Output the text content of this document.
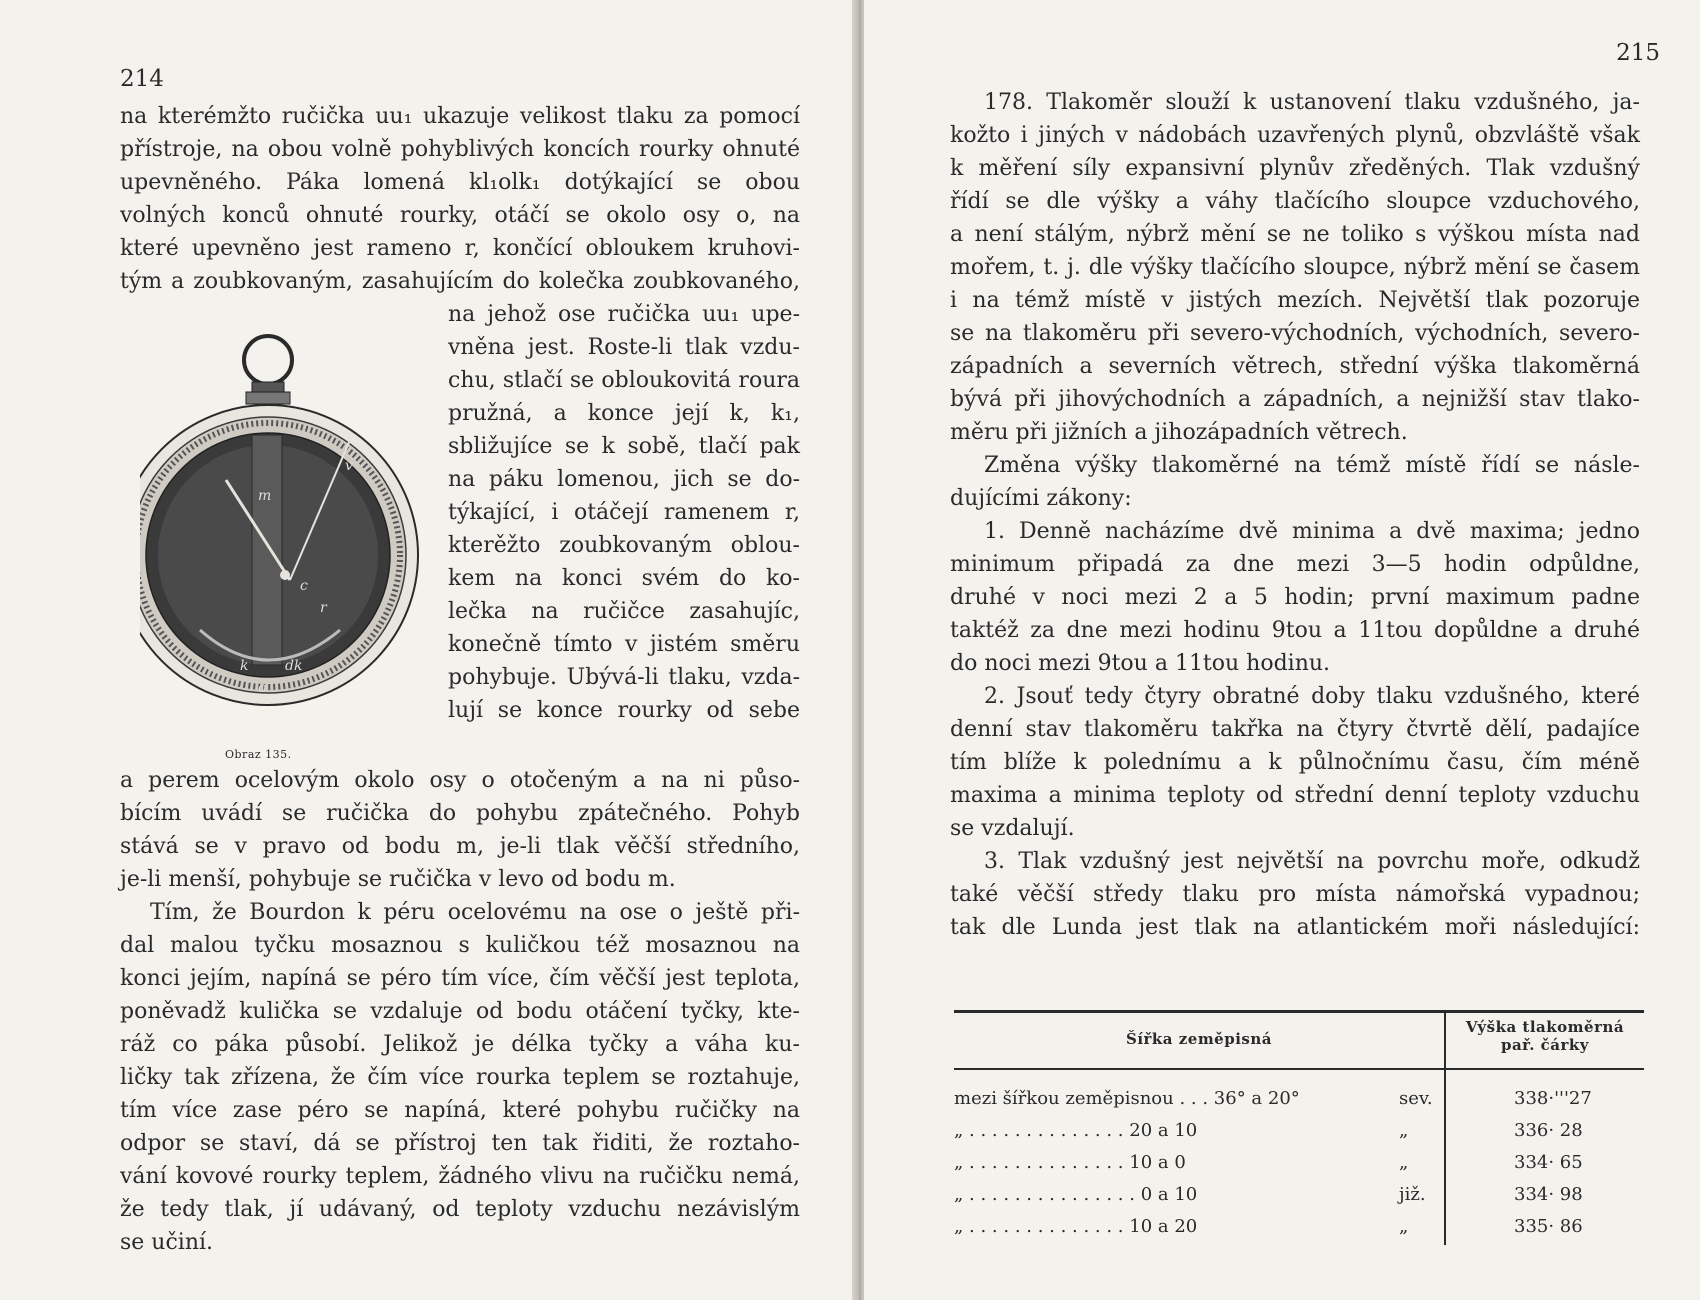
214
na kterémžto ručička uu₁ ukazuje velikost tlaku za pomocí
přístroje, na obou volně pohyblivých koncích rourky ohnuté
upevněného. Páka lomená kl₁olk₁ dotýkající se obou
volných konců ohnuté rourky, otáčí se okolo osy o, na
které upevněno jest rameno r, končící obloukem kruhovi-
tým a zoubkovaným, zasahujícím do kolečka zoubkovaného,
na jehož ose ručička uu₁ upe-
vněna jest. Roste-li tlak vzdu-
chu, stlačí se obloukovitá roura
pružná, a konce její k, k₁,
sbližujíce se k sobě, tlačí pak
na páku lomenou, jich se do-
týkající, i otáčejí ramenem r,
kterěžto zoubkovaným oblou-
kem na konci svém do ko-
lečka na ručičce zasahujíc,
konečně tímto v jistém směru
pohybuje. Ubývá-li tlaku, vzda-
lují se konce rourky od sebe
m
v
c
r
k	dk
o
Obraz 135.
a perem ocelovým okolo osy o otočeným a na ni půso-
bícím uvádí se ručička do pohybu zpátečného. Pohyb
stává se v pravo od bodu m, je-li tlak věčší středního,
je-li menší, pohybuje se ručička v levo od bodu m.
Tím, že Bourdon k péru ocelovému na ose o ještě při-
dal malou tyčku mosaznou s kuličkou též mosaznou na
konci jejím, napíná se péro tím více, čím věčší jest teplota,
poněvadž kulička se vzdaluje od bodu otáčení tyčky, kte-
ráž co páka působí. Jelikož je délka tyčky a váha ku-
ličky tak zřízena, že čím více rourka teplem se roztahuje,
tím více zase péro se napíná, které pohybu ručičky na
odpor se staví, dá se přístroj ten tak řiditi, že roztaho-
vání kovové rourky teplem, žádného vlivu na ručičku nemá,
že tedy tlak, jí udávaný, od teploty vzduchu nezávislým
se učiní.
215
178. Tlakoměr slouží k ustanovení tlaku vzdušného, ja-
kožto i jiných v nádobách uzavřených plynů, obzvláště však
k měření síly expansivní plynův zředěných. Tlak vzdušný
řídí se dle výšky a váhy tlačícího sloupce vzduchového,
a není stálým, nýbrž mění se ne toliko s výškou místa nad
mořem, t. j. dle výšky tlačícího sloupce, nýbrž mění se časem
i na témž místě v jistých mezích. Největší tlak pozoruje
se na tlakoměru při severo-východních, východních, severo-
západních a severních větrech, střední výška tlakoměrná
bývá při jihovýchodních a západních, a nejnižší stav tlako-
měru při jižních a jihozápadních větrech.
Změna výšky tlakoměrné na témž místě řídí se násle-
dujícími zákony:
1. Denně nacházíme dvě minima a dvě maxima; jedno
minimum připadá za dne mezi 3—5 hodin odpůldne,
druhé v noci mezi 2 a 5 hodin; první maximum padne
taktéž za dne mezi hodinu 9tou a 11tou dopůldne a druhé
do noci mezi 9tou a 11tou hodinu.
2. Jsouť tedy čtyry obratné doby tlaku vzdušného, které
denní stav tlakoměru takřka na čtyry čtvrtě dělí, padajíce
tím blíže k polednímu a k půlnočnímu času, čím méně
maxima a minima teploty od střední denní teploty vzduchu
se vzdalují.
3. Tlak vzdušný jest největší na povrchu moře, odkudž
také věčší středy tlaku pro místa námořská vypadnou;
tak dle Lunda jest tlak na atlantickém moři následující:
Šířka zeměpisná
Výška tlakoměrná
pař. čárky
mezi šířkou zeměpisnou . . . 36° a 20°	sev.	338·'''27
„ . . . . . . . . . . . . . . 20 a 10	„	336· 28
„ . . . . . . . . . . . . . . 10 a 0	„	334· 65
„ . . . . . . . . . . . . . . . 0 a 10	již.	334· 98
„ . . . . . . . . . . . . . . 10 a 20	„	335· 86
